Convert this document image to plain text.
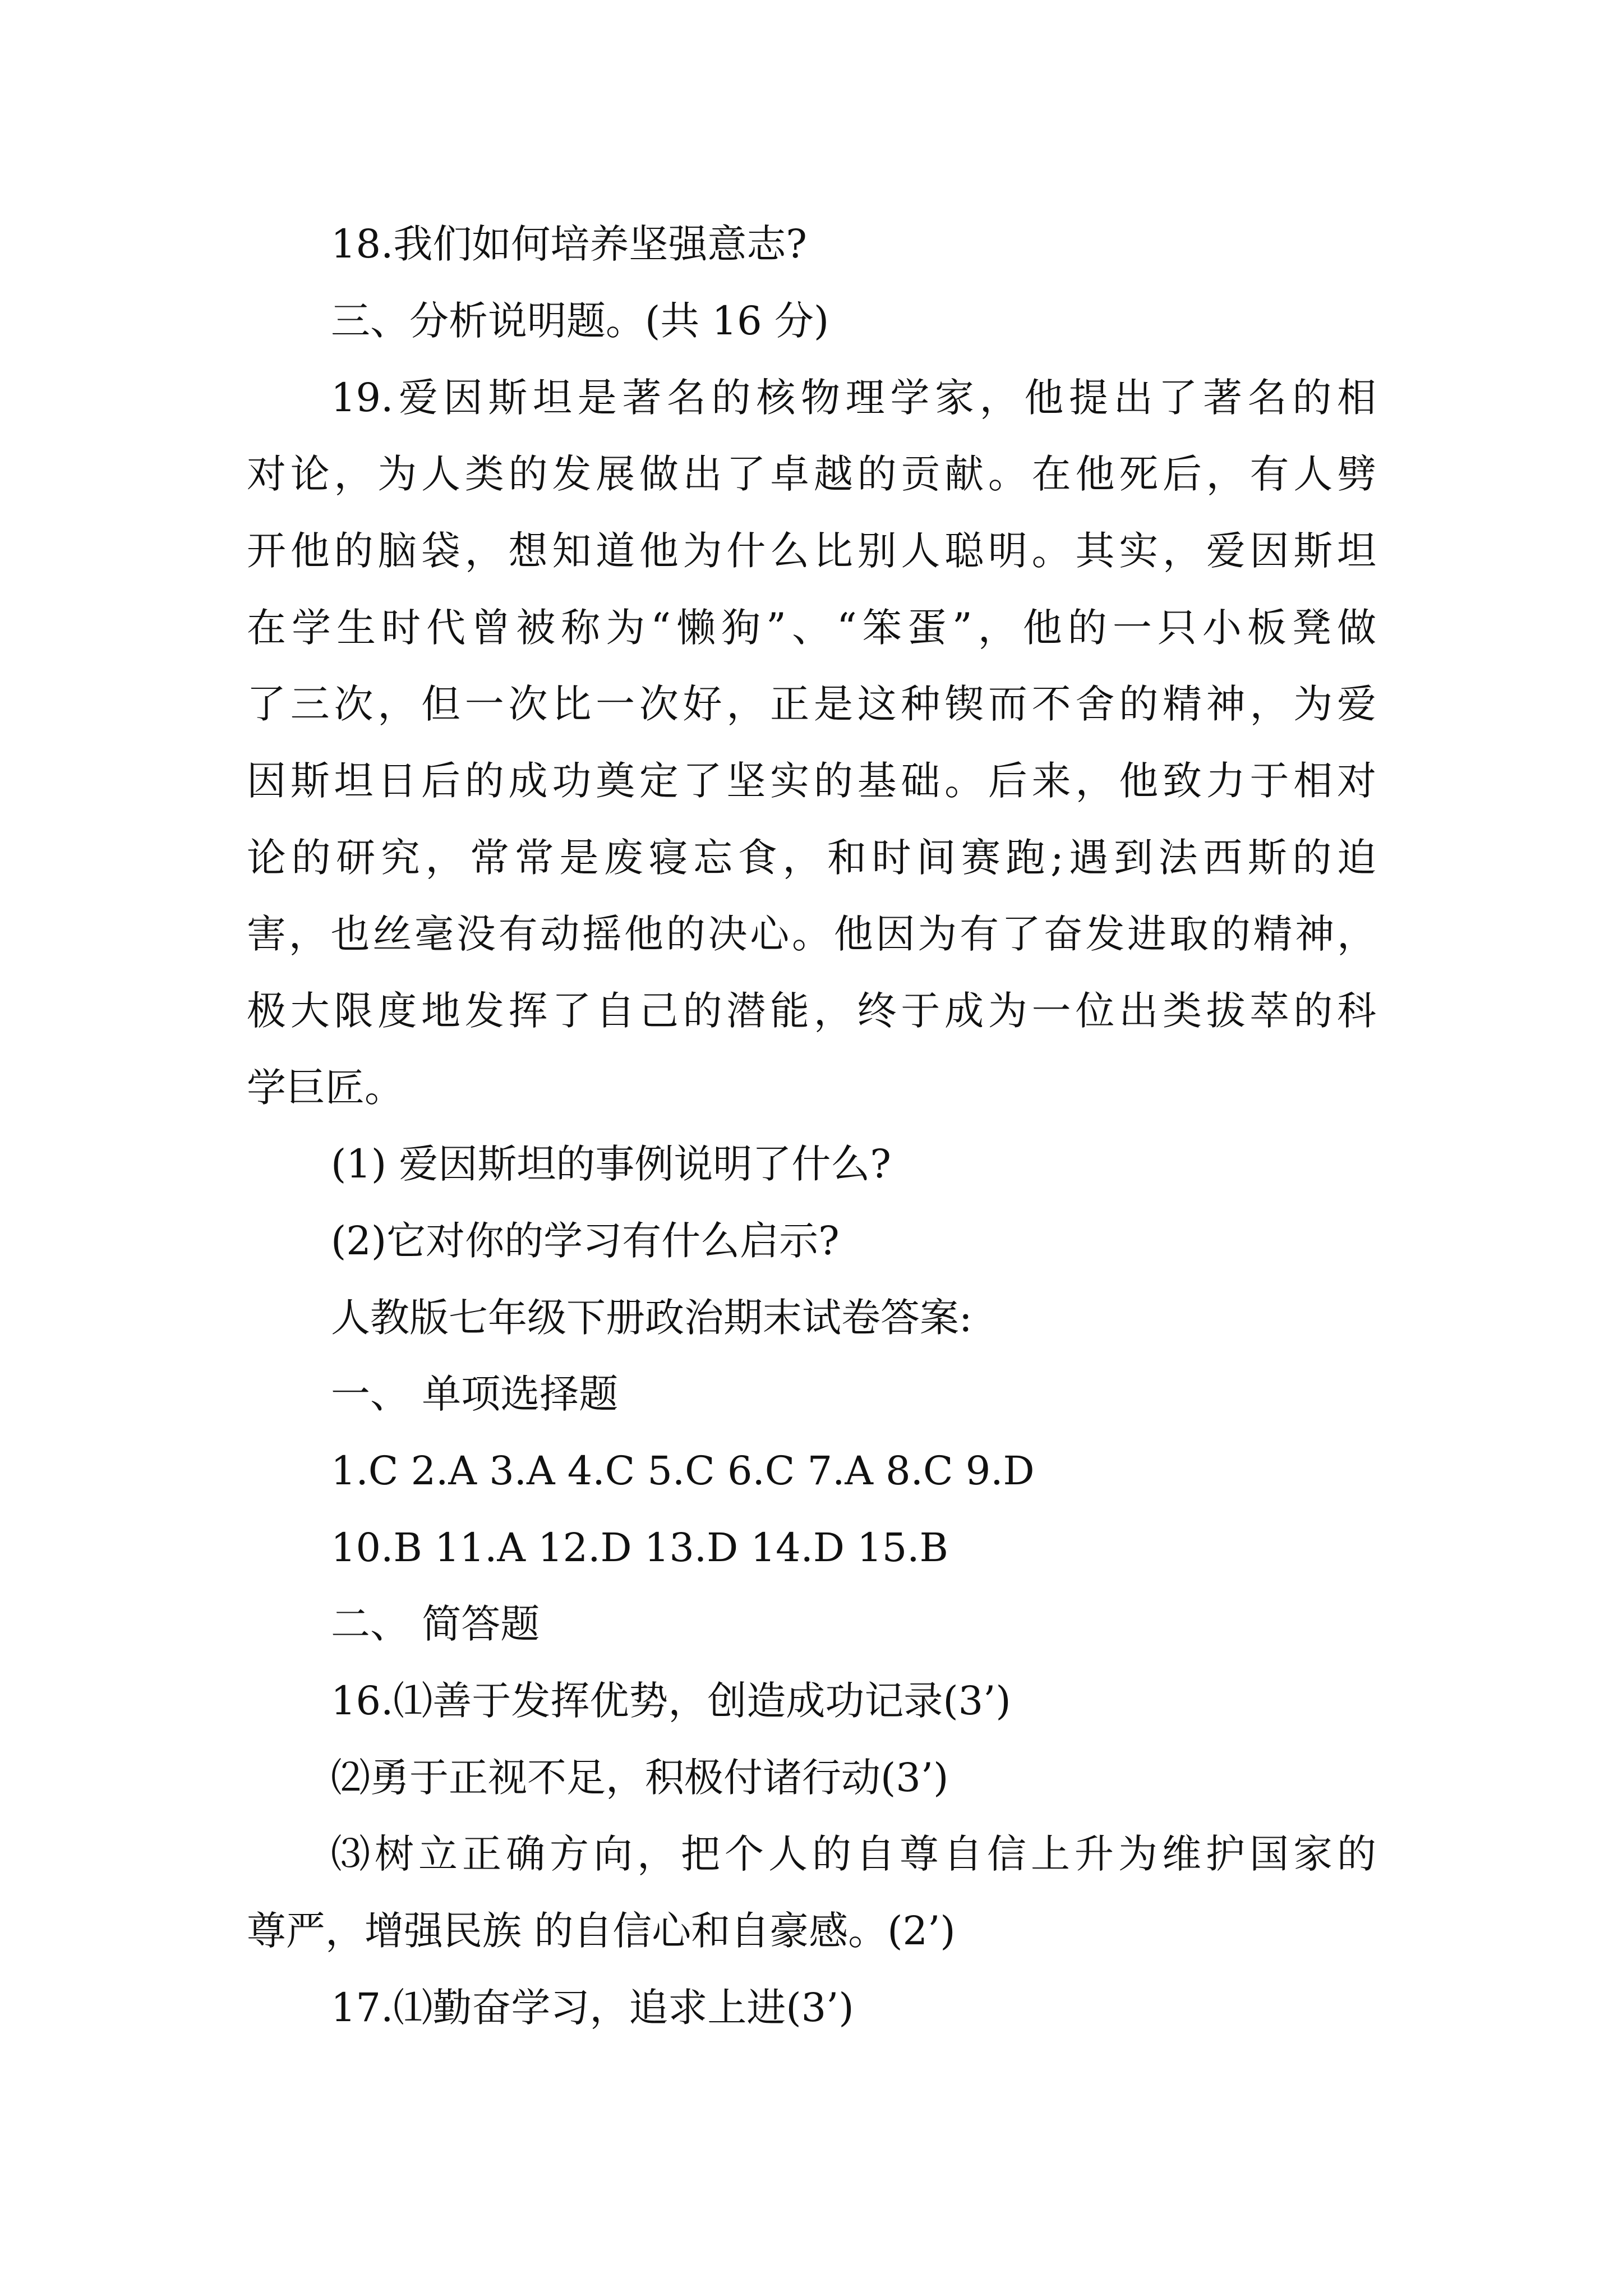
18.我们如何培养坚强意志?
三、分析说明题。(共 16 分)
19.爱因斯坦是著名的核物理学家，他提出了著名的相
对论，为人类的发展做出了卓越的贡献。在他死后，有人劈
开他的脑袋，想知道他为什么比别人聪明。其实，爱因斯坦
在学生时代曾被称为“懒狗”、“笨蛋”，他的一只小板凳做
了三次，但一次比一次好，正是这种锲而不舍的精神，为爱
因斯坦日后的成功奠定了坚实的基础。后来，他致力于相对
论的研究，常常是废寝忘食，和时间赛跑;遇到法西斯的迫
害，也丝毫没有动摇他的决心。他因为有了奋发进取的精神，
极大限度地发挥了自己的潜能，终于成为一位出类拔萃的科
学巨匠。
(1) 爱因斯坦的事例说明了什么?
(2)它对你的学习有什么启示?
人教版七年级下册政治期末试卷答案:
一、 单项选择题
1.C 2.A 3.A 4.C 5.C 6.C 7.A 8.C 9.D
10.B 11.A 12.D 13.D 14.D 15.B
二、 简答题
16.⑴善于发挥优势，创造成功记录(3’)
⑵勇于正视不足，积极付诸行动(3’)
⑶树立正确方向，把个人的自尊自信上升为维护国家的
尊严，增强民族 的自信心和自豪感。(2’)
17.⑴勤奋学习，追求上进(3’)
